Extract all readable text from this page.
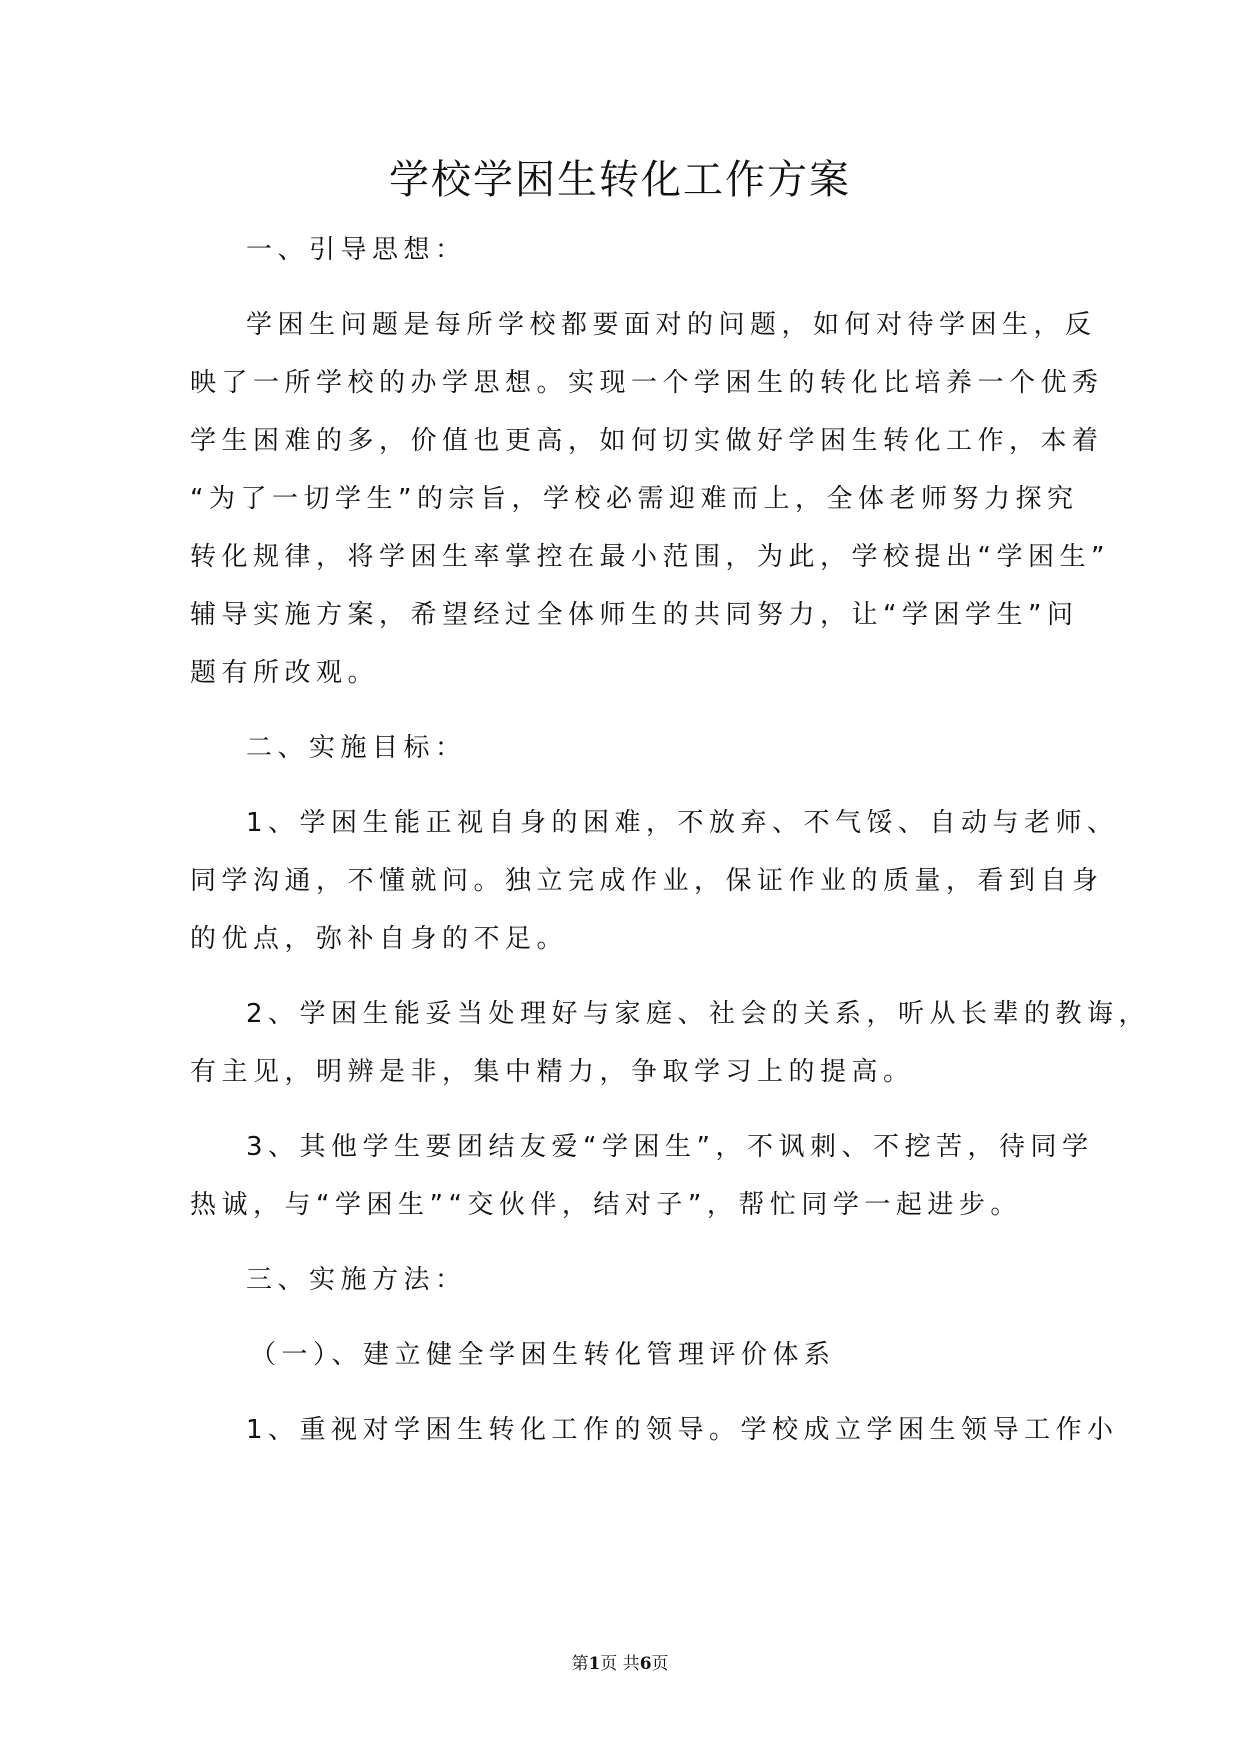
学校学困生转化工作方案

一、引导思想：

学困生问题是每所学校都要面对的问题，如何对待学困生，反

映了一所学校的办学思想。实现一个学困生的转化比培养一个优秀

学生困难的多，价值也更高，如何切实做好学困生转化工作，本着

“为了一切学生”的宗旨，学校必需迎难而上，全体老师努力探究

转化规律，将学困生率掌控在最小范围，为此，学校提出“学困生”

辅导实施方案，希望经过全体师生的共同努力，让“学困学生”问

题有所改观。

二、实施目标：

1、学困生能正视自身的困难，不放弃、不气馁、自动与老师、

同学沟通，不懂就问。独立完成作业，保证作业的质量，看到自身

的优点，弥补自身的不足。

2、学困生能妥当处理好与家庭、社会的关系，听从长辈的教诲，

有主见，明辨是非，集中精力，争取学习上的提高。

3、其他学生要团结友爱“学困生”，不讽刺、不挖苦，待同学

热诚，与“学困生”“交伙伴，结对子”，帮忙同学一起进步。

三、实施方法：

（一）、建立健全学困生转化管理评价体系

1、重视对学困生转化工作的领导。学校成立学困生领导工作小

第1页 共6页
